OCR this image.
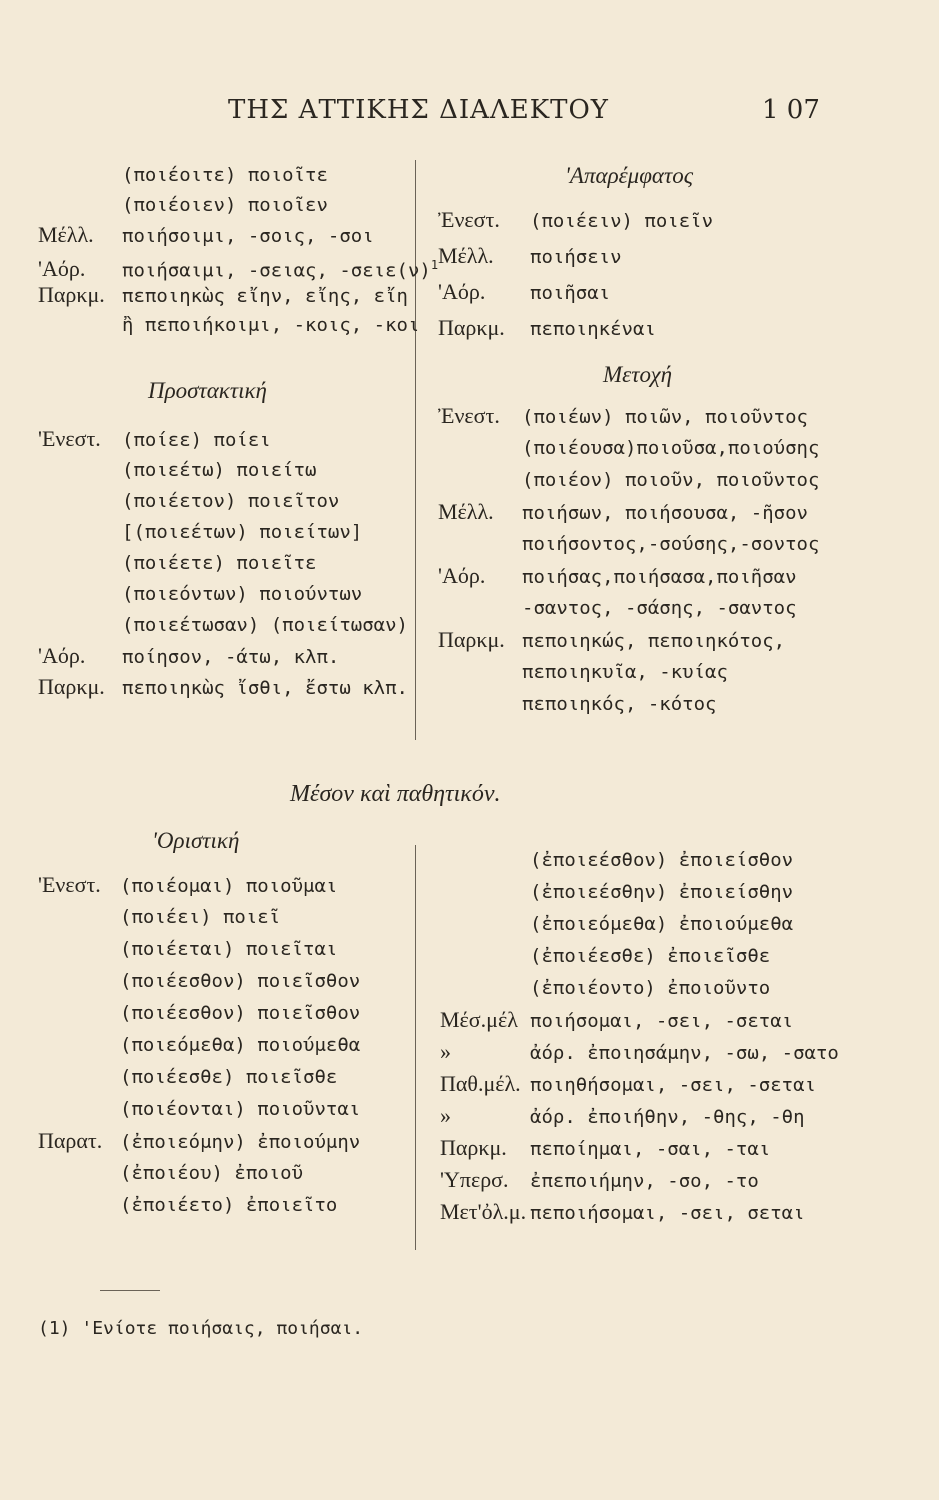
ΤΗΣ ΑΤΤΙΚΗΣ ΔΙΑΛΕΚΤΟΥ	1 07
(ποιέοιτε) ποιοῖτε
(ποιέοιεν) ποιοῖεν
Μέλλ. ποιήσοιμι, -σοις, -σοι
'Αόρ. ποιήσαιμι, -σειας, $-\sigma\varepsilon\iota\varepsilon(\nu)^1$
Παρκμ. πεποιηκὼς εἴην, εἴης, εἴη
ἢ πεποιήκοιμι, -κοις, -κοι
Προστακτική
'Ενεστ. (ποίεε) ποίει
(ποιεέτω) ποιείτω
(ποιέετον) ποιεῖτον
[(ποιεέτων) ποιείτων]
(ποιέετε) ποιεῖτε
(ποιεόντων) ποιούντων
(ποιεέτωσαν) (ποιείτωσαν)
'Αόρ. ποίησον, -άτω, κλπ.
Παρκμ. πεποιηκὼς ἴσθι, ἔστω κλπ.
'Απαρέμφατος
Ἐνεστ. (ποιέειν) ποιεῖν
Μέλλ. ποιήσειν
'Αόρ. ποιῆσαι
Παρκμ. πεποιηκέναι
Μετοχή
Ἐνεστ. (ποιέων) ποιῶν, ποιοῦντος
(ποιέουσα)ποιοῦσα,ποιούσης
(ποιέον) ποιοῦν, ποιοῦντος
Μέλλ. ποιήσων, ποιήσουσα, -ῆσον
ποιήσοντος,-σούσης,-σοντος
'Αόρ. ποιήσας,ποιήσασα,ποιῆσαν
-σαντος, -σάσης, -σαντος
Παρκμ. πεποιηκώς, πεποιηκότος,
πεποιηκυῖα, -κυίας
πεποιηκός, -κότος
Μέσον καὶ παθητικόν.
'Οριστική
'Ενεστ. (ποιέομαι) ποιοῦμαι
(ποιέει) ποιεῖ
(ποιέεται) ποιεῖται
(ποιέεσθον) ποιεῖσθον
(ποιέεσθον) ποιεῖσθον
(ποιεόμεθα) ποιούμεθα
(ποιέεσθε) ποιεῖσθε
(ποιέονται) ποιοῦνται
Παρατ. (ἐποιεόμην) ἐποιούμην
(ἐποιέου) ἐποιοῦ
(ἐποιέετο) ἐποιεῖτο
(ἐποιεέσθον) ἐποιείσθον
(ἐποιεέσθην) ἐποιείσθην
(ἐποιεόμεθα) ἐποιούμεθα
(ἐποιέεσθε) ἐποιεῖσθε
(ἐποιέοντο) ἐποιοῦντο
Μέσ.μέλ ποιήσομαι, -σει, -σεται
»	ἀόρ. ἐποιησάμην, -σω, -σατο
Παθ.μέλ. ποιηθήσομαι, -σει, -σεται
»	ἀόρ. ἐποιήθην, -θης, -θη
Παρκμ. πεποίημαι, -σαι, -ται
'Υπερσ. ἐπεποιήμην, -σο, -το
Μετ'ὀλ.μ. πεποιήσομαι, -σει, σεται
(1) 'Ενίοτε ποιήσαις, ποιήσαι.
